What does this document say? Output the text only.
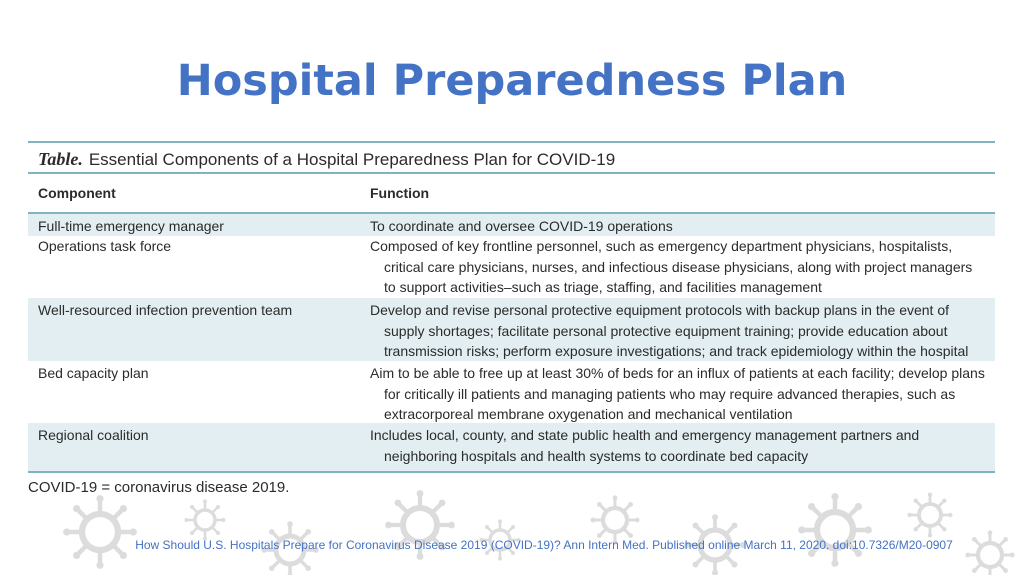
Hospital Preparedness Plan
Table. Essential Components of a Hospital Preparedness Plan for COVID-19
Component	Function
Full-time emergency manager	To coordinate and oversee COVID-19 operations
Operations task force	Composed of key frontline personnel, such as emergency department physicians, hospitalists, critical care physicians, nurses, and infectious disease physicians, along with project managers to support activities–such as triage, staffing, and facilities management
Well-resourced infection prevention team	Develop and revise personal protective equipment protocols with backup plans in the event of supply shortages; facilitate personal protective equipment training; provide education about transmission risks; perform exposure investigations; and track epidemiology within the hospital
Bed capacity plan	Aim to be able to free up at least 30% of beds for an influx of patients at each facility; develop plans for critically ill patients and managing patients who may require advanced therapies, such as extracorporeal membrane oxygenation and mechanical ventilation
Regional coalition	Includes local, county, and state public health and emergency management partners and neighboring hospitals and health systems to coordinate bed capacity
COVID-19 = coronavirus disease 2019.
How Should U.S. Hospitals Prepare for Coronavirus Disease 2019 (COVID-19)? Ann Intern Med. Published online March 11, 2020. doi:10.7326/M20-0907
